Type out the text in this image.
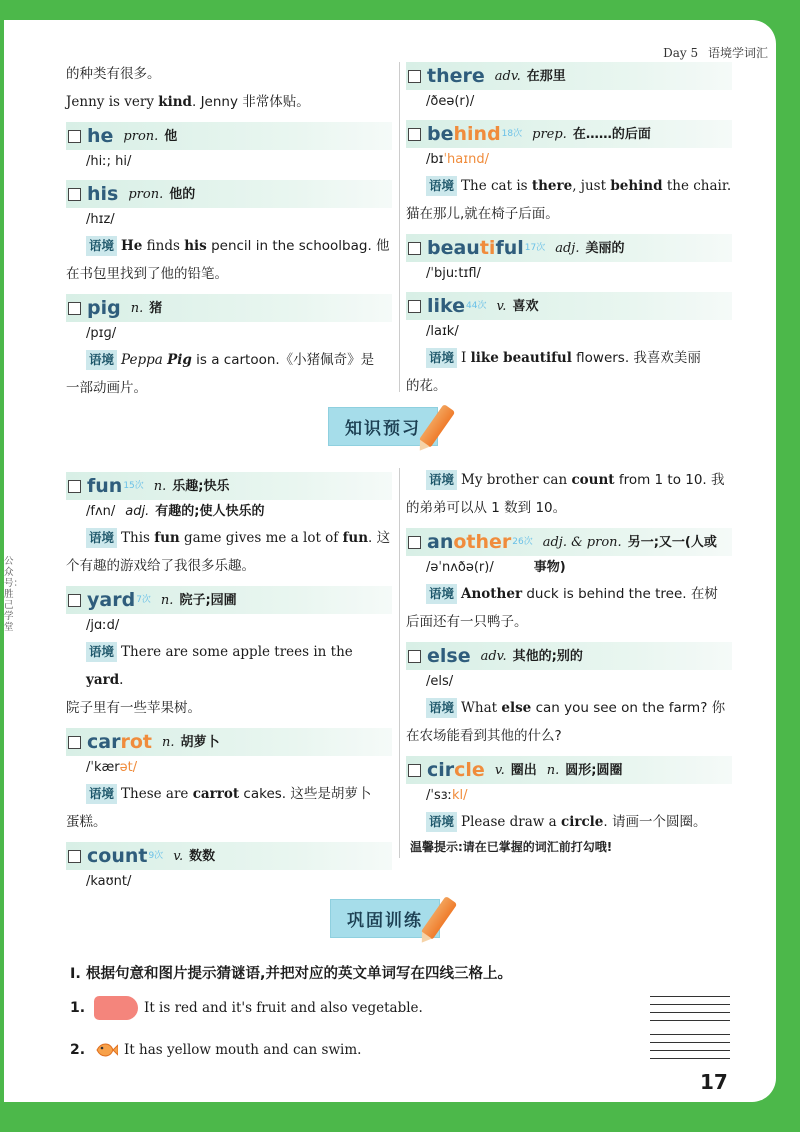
Day 5 语境学词汇
公众号：胜己学堂
的种类有很多。
Jenny is very kind. Jenny 非常体贴。
he pron. 他
/hiː; hi/
his pron. 他的
/hɪz/
语境 He finds his pencil in the schoolbag. 他
在书包里找到了他的铅笔。
pig n. 猪
/pɪɡ/
语境 Peppa Pig is a cartoon.《小猪佩奇》是
一部动画片。
there adv. 在那里
/ðeə(r)/
behind 18次 prep. 在……的后面
/bɪˈhaɪnd/
语境 The cat is there, just behind the chair.
猫在那儿,就在椅子后面。
beautiful 17次 adj. 美丽的
/ˈbjuːtɪfl/
like 44次 v. 喜欢
/laɪk/
语境 I like beautiful flowers. 我喜欢美丽
的花。
知识预习
fun 15次 n. 乐趣;快乐
/fʌn/ adj. 有趣的;使人快乐的
语境 This fun game gives me a lot of fun. 这
个有趣的游戏给了我很多乐趣。
yard 7次 n. 院子;园圃
/jɑːd/
语境 There are some apple trees in the yard.
院子里有一些苹果树。
carrot n. 胡萝卜
/ˈkærət/
语境 These are carrot cakes. 这些是胡萝卜
蛋糕。
count 9次 v. 数数
/kaʊnt/
语境 My brother can count from 1 to 10. 我
的弟弟可以从 1 数到 10。
another 26次 adj. & pron. 另一;又一(人或
/əˈnʌðə(r)/	事物)
语境 Another duck is behind the tree. 在树
后面还有一只鸭子。
else adv. 其他的;别的
/els/
语境 What else can you see on the farm? 你
在农场能看到其他的什么?
circle v. 圈出 n. 圆形;圆圈
/ˈsɜːkl/
语境 Please draw a circle. 请画一个圆圈。
温馨提示:请在已掌握的词汇前打勾哦!
巩固训练
Ⅰ. 根据句意和图片提示猜谜语,并把对应的英文单词写在四线三格上。
1.	It is red and it's fruit and also vegetable.
2.	It has yellow mouth and can swim.
17
